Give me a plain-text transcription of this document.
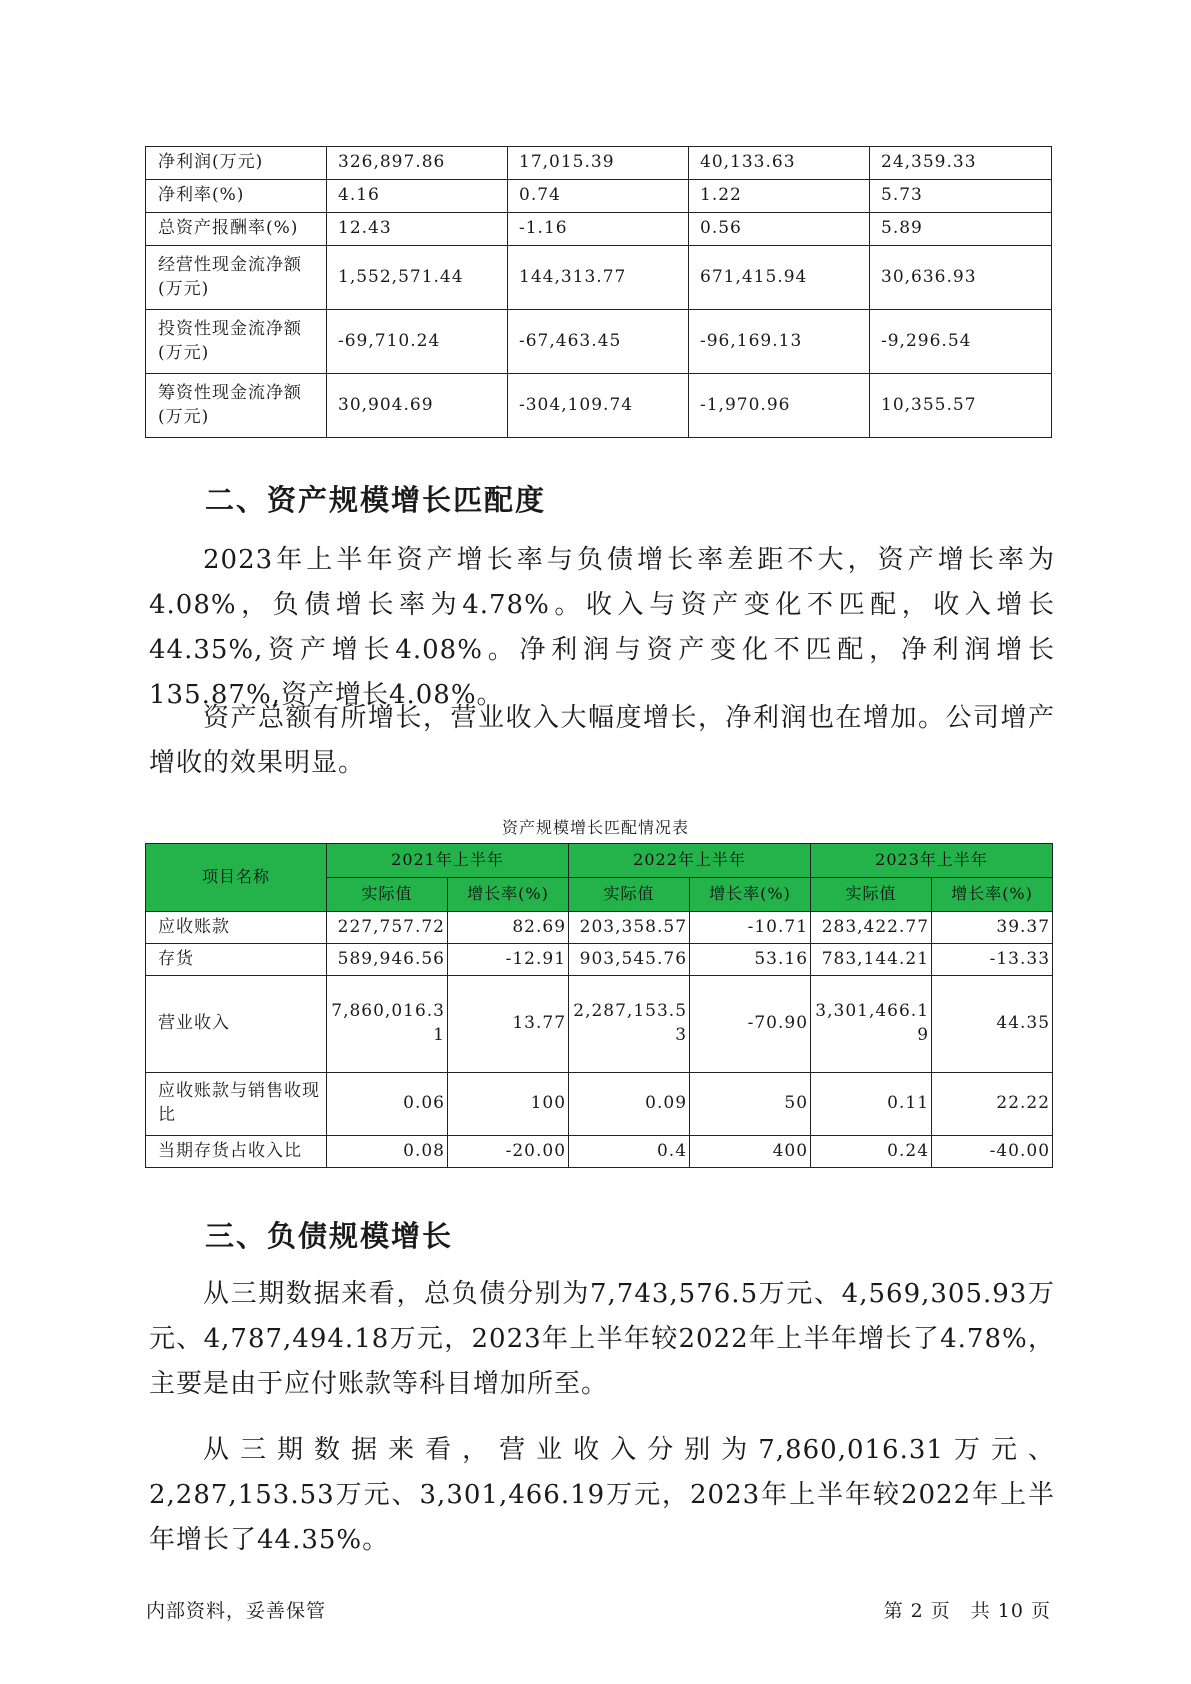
净利润(万元)	326,897.86	17,015.39	40,133.63	24,359.33
净利率(%)	4.16	0.74	1.22	5.73
总资产报酬率(%)	12.43	-1.16	0.56	5.89
经营性现金流净额(万元)	1,552,571.44	144,313.77	671,415.94	30,636.93
投资性现金流净额(万元)	-69,710.24	-67,463.45	-96,169.13	-9,296.54
筹资性现金流净额(万元)	30,904.69	-304,109.74	-1,970.96	10,355.57
二、资产规模增长匹配度

2023年上半年资产增长率与负债增长率差距不大，资产增长率为4.08%，负债增长率为4.78%。收入与资产变化不匹配，收入增长44.35%,资产增长4.08%。净利润与资产变化不匹配，净利润增长135.87%,资产增长4.08%。

资产总额有所增长，营业收入大幅度增长，净利润也在增加。公司增产增收的效果明显。

资产规模增长匹配情况表
项目名称	2021年上半年		2022年上半年		2023年上半年	
	实际值	增长率(%)	实际值	增长率(%)	实际值	增长率(%)
应收账款	227,757.72	82.69	203,358.57	-10.71	283,422.77	39.37
存货	589,946.56	-12.91	903,545.76	53.16	783,144.21	-13.33
营业收入	7,860,016.31	13.77	2,287,153.53	-70.90	3,301,466.19	44.35
应收账款与销售收现比	0.06	100	0.09	50	0.11	22.22
当期存货占收入比	0.08	-20.00	0.4	400	0.24	-40.00
三、负债规模增长

从三期数据来看，总负债分别为7,743,576.5万元、4,569,305.93万元、4,787,494.18万元，2023年上半年较2022年上半年增长了4.78%，主要是由于应付账款等科目增加所至。

从三期数据来看，营业收入分别为7,860,016.31万元、2,287,153.53万元、3,301,466.19万元，2023年上半年较2022年上半年增长了44.35%。

内部资料，妥善保管	第 2 页　共 10 页
